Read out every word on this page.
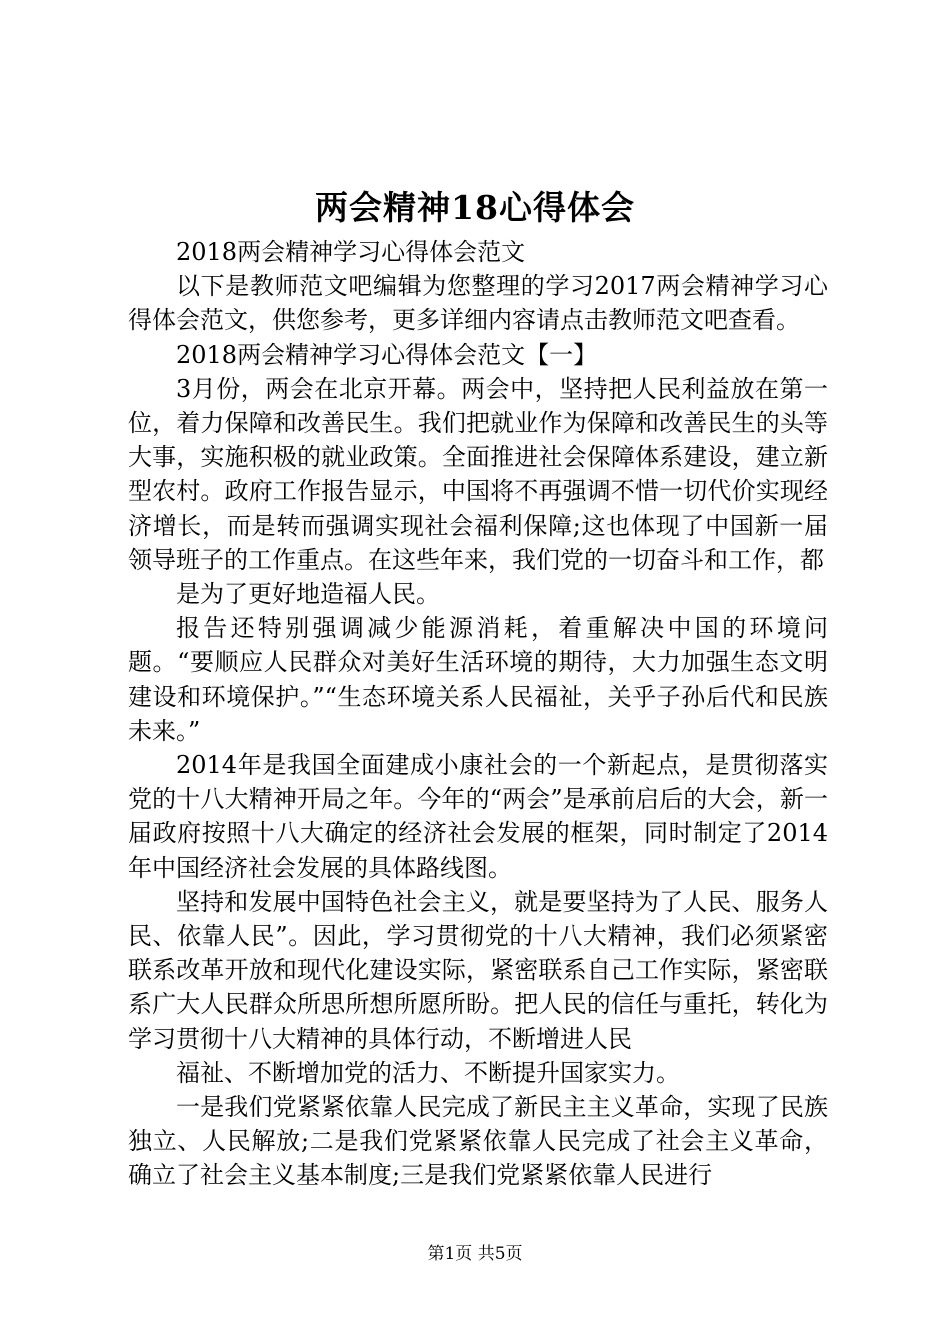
两会精神18心得体会

2018两会精神学习心得体会范文

以下是教师范文吧编辑为您整理的学习2017两会精神学习心得体会范文，供您参考，更多详细内容请点击教师范文吧查看。

2018两会精神学习心得体会范文【一】

3月份，两会在北京开幕。两会中，坚持把人民利益放在第一位，着力保障和改善民生。我们把就业作为保障和改善民生的头等大事，实施积极的就业政策。全面推进社会保障体系建设，建立新型农村。政府工作报告显示，中国将不再强调不惜一切代价实现经济增长，而是转而强调实现社会福利保障;这也体现了中国新一届领导班子的工作重点。在这些年来，我们党的一切奋斗和工作，都

是为了更好地造福人民。

报告还特别强调减少能源消耗，着重解决中国的环境问题。“要顺应人民群众对美好生活环境的期待，大力加强生态文明建设和环境保护。”“生态环境关系人民福祉，关乎子孙后代和民族未来。”

2014年是我国全面建成小康社会的一个新起点，是贯彻落实党的十八大精神开局之年。今年的“两会”是承前启后的大会，新一届政府按照十八大确定的经济社会发展的框架，同时制定了2014年中国经济社会发展的具体路线图。

坚持和发展中国特色社会主义，就是要坚持为了人民、服务人民、依靠人民”。因此，学习贯彻党的十八大精神，我们必须紧密联系改革开放和现代化建设实际，紧密联系自己工作实际，紧密联系广大人民群众所思所想所愿所盼。把人民的信任与重托，转化为学习贯彻十八大精神的具体行动，不断增进人民

福祉、不断增加党的活力、不断提升国家实力。

一是我们党紧紧依靠人民完成了新民主主义革命，实现了民族独立、人民解放;二是我们党紧紧依靠人民完成了社会主义革命，确立了社会主义基本制度;三是我们党紧紧依靠人民进行

第1页 共5页
